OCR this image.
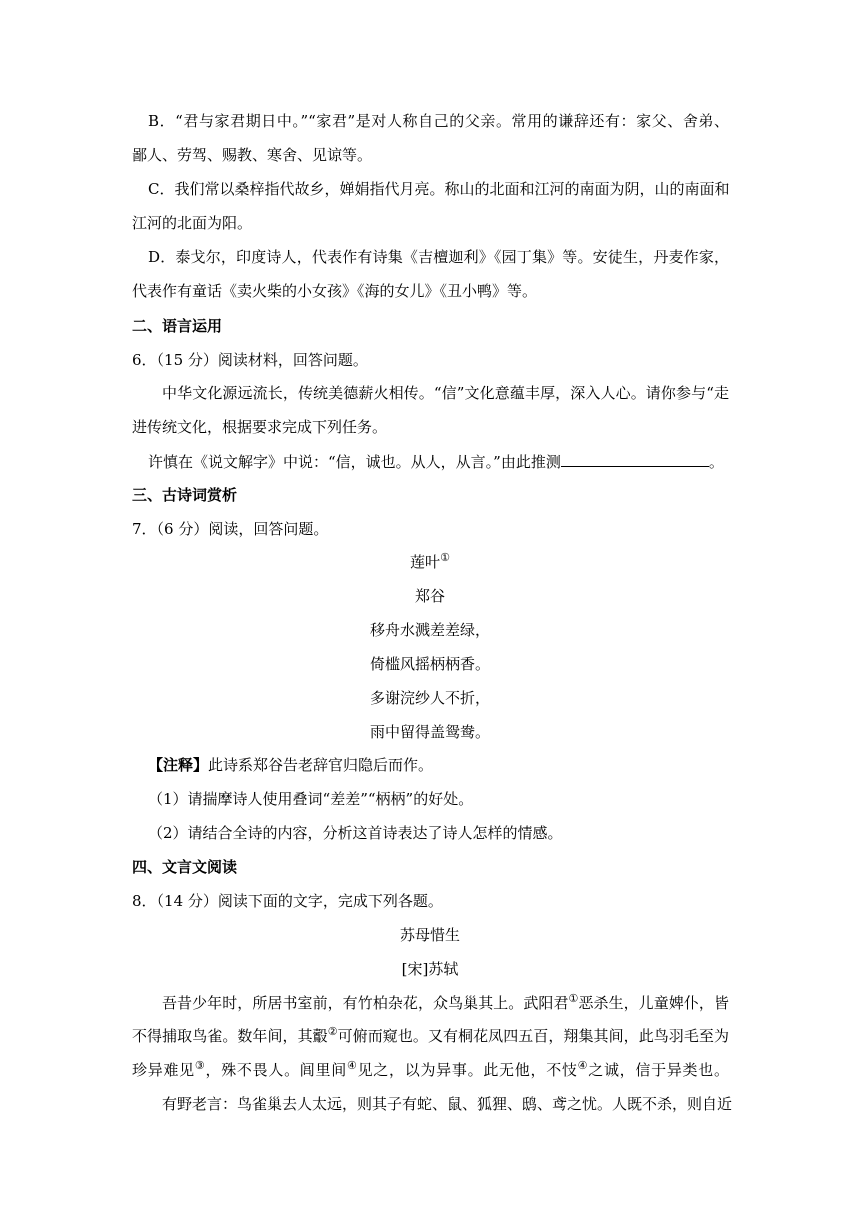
B．“君与家君期日中。”“家君”是对人称自己的父亲。常用的谦辞还有：家父、舍弟、
鄙人、劳驾、赐教、寒舍、见谅等。
C．我们常以桑梓指代故乡，婵娟指代月亮。称山的北面和江河的南面为阴，山的南面和
江河的北面为阳。
D．泰戈尔，印度诗人，代表作有诗集《吉檀迦利》《园丁集》等。安徒生，丹麦作家，
代表作有童话《卖火柴的小女孩》《海的女儿》《丑小鸭》等。
二、语言运用
6．（15 分）阅读材料，回答问题。
中华文化源远流长，传统美德薪火相传。“信”文化意蕴丰厚，深入人心。请你参与“走
进传统文化，根据要求完成下列任务。
许慎在《说文解字》中说：“信，诚也。从人，从言。”由此推测	。
三、古诗词赏析
7．（6 分）阅读，回答问题。
莲叶①
郑谷
移舟水溅差差绿，
倚槛风摇柄柄香。
多谢浣纱人不折，
雨中留得盖鸳鸯。
【注释】此诗系郑谷告老辞官归隐后而作。
（1）请揣摩诗人使用叠词“差差”“柄柄”的好处。
（2）请结合全诗的内容，分析这首诗表达了诗人怎样的情感。
四、文言文阅读
8．（14 分）阅读下面的文字，完成下列各题。
苏母惜生
[宋]苏轼
吾昔少年时，所居书室前，有竹柏杂花，众鸟巢其上。武阳君①恶杀生，儿童婢仆，皆
不得捕取鸟雀。数年间，其鷇②可俯而窥也。又有桐花凤四五百，翔集其间，此鸟羽毛至为
珍异难见③，殊不畏人。闾里间④见之，以为异事。此无他，不忮④之诚，信于异类也。
有野老言：鸟雀巢去人太远，则其子有蛇、鼠、狐狸、鸱、鸢之忧。人既不杀，则自近
